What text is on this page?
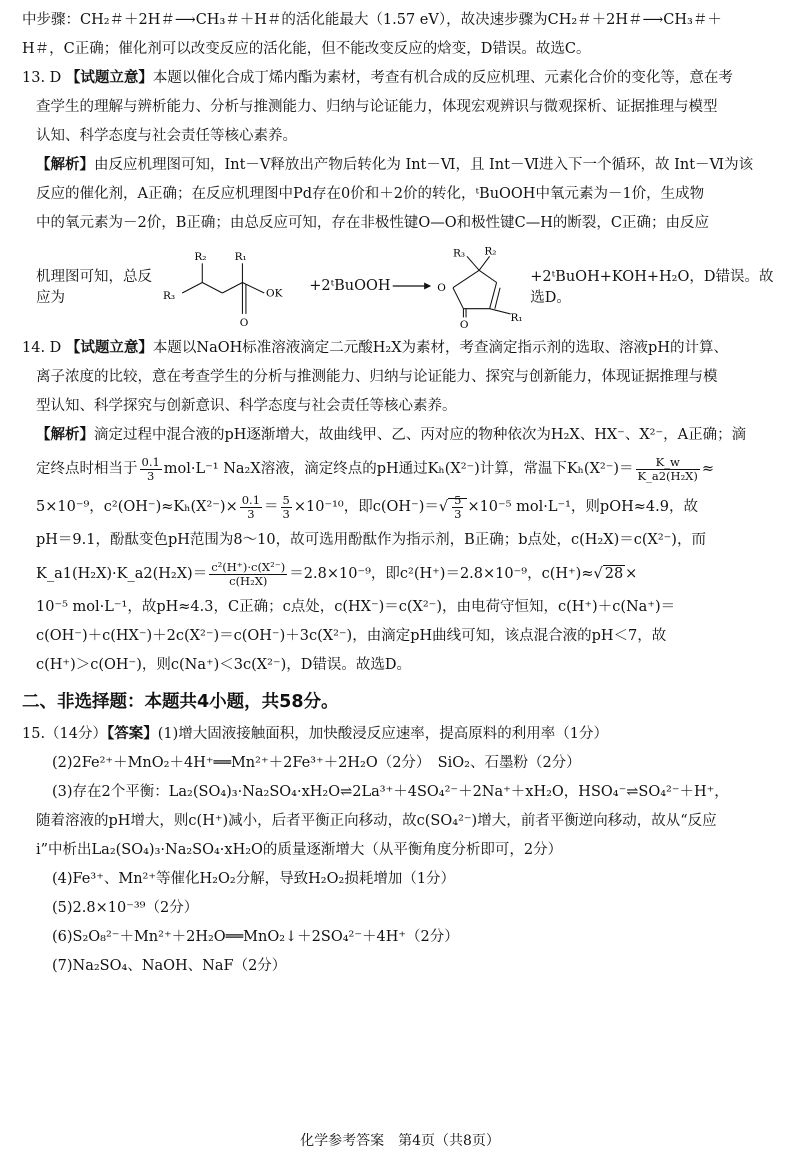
中步骤：CH₂＃＋2H＃⟶CH₃＃＋H＃的活化能最大（1.57 eV），故决速步骤为CH₂＃＋2H＃⟶CH₃＃＋

H＃，C正确；催化剂可以改变反应的活化能，但不能改变反应的焓变，D错误。故选C。

13. D 【试题立意】本题以催化合成丁烯内酯为素材，考查有机合成的反应机理、元素化合价的变化等，意在考

查学生的理解与辨析能力、分析与推测能力、归纳与论证能力，体现宏观辨识与微观探析、证据推理与模型

认知、科学态度与社会责任等核心素养。

【解析】由反应机理图可知，Int－Ⅴ释放出产物后转化为 Int－Ⅵ，且 Int－Ⅵ进入下一个循环，故 Int－Ⅵ为该

反应的催化剂，A正确；在反应机理图中Pd存在0价和＋2价的转化，ᵗBuOOH中氧元素为－1价，生成物

中的氧元素为－2价，B正确；由总反应可知，存在非极性键O—O和极性键C—H的断裂，C正确；由反应

机理图可知，总反应为	R₃
R₂ R₁
OK
O
+2ᵗBuOOH →
R₃ R₂
O
R₁
O
+2ᵗBuOH+KOH+H₂O，D错误。故选D。

14. D 【试题立意】本题以NaOH标准溶液滴定二元酸H₂X为素材，考查滴定指示剂的选取、溶液pH的计算、

离子浓度的比较，意在考查学生的分析与推测能力、归纳与论证能力、探究与创新能力，体现证据推理与模

型认知、科学探究与创新意识、科学态度与社会责任等核心素养。

【解析】滴定过程中混合液的pH逐渐增大，故曲线甲、乙、丙对应的物种依次为H₂X、HX⁻、X²⁻，A正确；滴

定终点时相当于 $\frac{0.1}{3} mol\cdot L^{-1}$ Na₂X溶液，滴定终点的pH通过Kₕ(X²⁻)计算，常温下$K_h(X^{2-})= \frac{K\_w}{\text{K\_a2(H₂X)}}$ ≈

5×10⁻⁹，$c^2(OH^-)\approx K_h(X^{2-})\times \frac{0.1}{3} = \frac{5}{3} \times 10^{-10}$，即$c(OH^-)=√ \frac{5}{3} \times 10^{-5}$ mol·L⁻¹，则pOH≈4.9，故

pH＝9.1，酚酞变色pH范围为8～10，故可选用酚酞作为指示剂，B正确；b点处，c(H₂X)＝c(X²⁻)，而

K_a1(H₂X)·K_a2(H₂X)＝ $\frac{\text{c²(H⁺)·c(X²⁻)}}{\text{c(H₂X)}} =2.8\times 10^{-9}$，即c²(H⁺)＝2.8×10⁻⁹，c(H⁺)≈√ 28 ×

10⁻⁵ mol·L⁻¹，故pH≈4.3，C正确；c点处，c(HX⁻)＝c(X²⁻)，由电荷守恒知，c(H⁺)＋c(Na⁺)＝

c(OH⁻)＋c(HX⁻)＋2c(X²⁻)＝c(OH⁻)＋3c(X²⁻)，由滴定pH曲线可知，该点混合液的pH＜7，故

c(H⁺)＞c(OH⁻)，则c(Na⁺)＜3c(X²⁻)，D错误。故选D。

二、非选择题：本题共4小题，共58分。

15.（14分）【答案】(1)增大固液接触面积，加快酸浸反应速率，提高原料的利用率（1分）

(2)2Fe²⁺＋MnO₂＋4H⁺══Mn²⁺＋2Fe³⁺＋2H₂O（2分）　SiO₂、石墨粉（2分）

(3)存在2个平衡：La₂(SO₄)₃·Na₂SO₄·xH₂O⇌2La³⁺＋4SO₄²⁻＋2Na⁺＋xH₂O，HSO₄⁻⇌SO₄²⁻＋H⁺，

随着溶液的pH增大，则c(H⁺)减小，后者平衡正向移动，故c(SO₄²⁻)增大，前者平衡逆向移动，故从“反应

ⅰ”中析出La₂(SO₄)₃·Na₂SO₄·xH₂O的质量逐渐增大（从平衡角度分析即可，2分）

(4)Fe³⁺、Mn²⁺等催化H₂O₂分解，导致H₂O₂损耗增加（1分）

(5)2.8×10⁻³⁹（2分）

(6)S₂O₈²⁻＋Mn²⁺＋2H₂O══MnO₂↓＋2SO₄²⁻＋4H⁺（2分）

(7)Na₂SO₄、NaOH、NaF（2分）

化学参考答案　第4页（共8页）
